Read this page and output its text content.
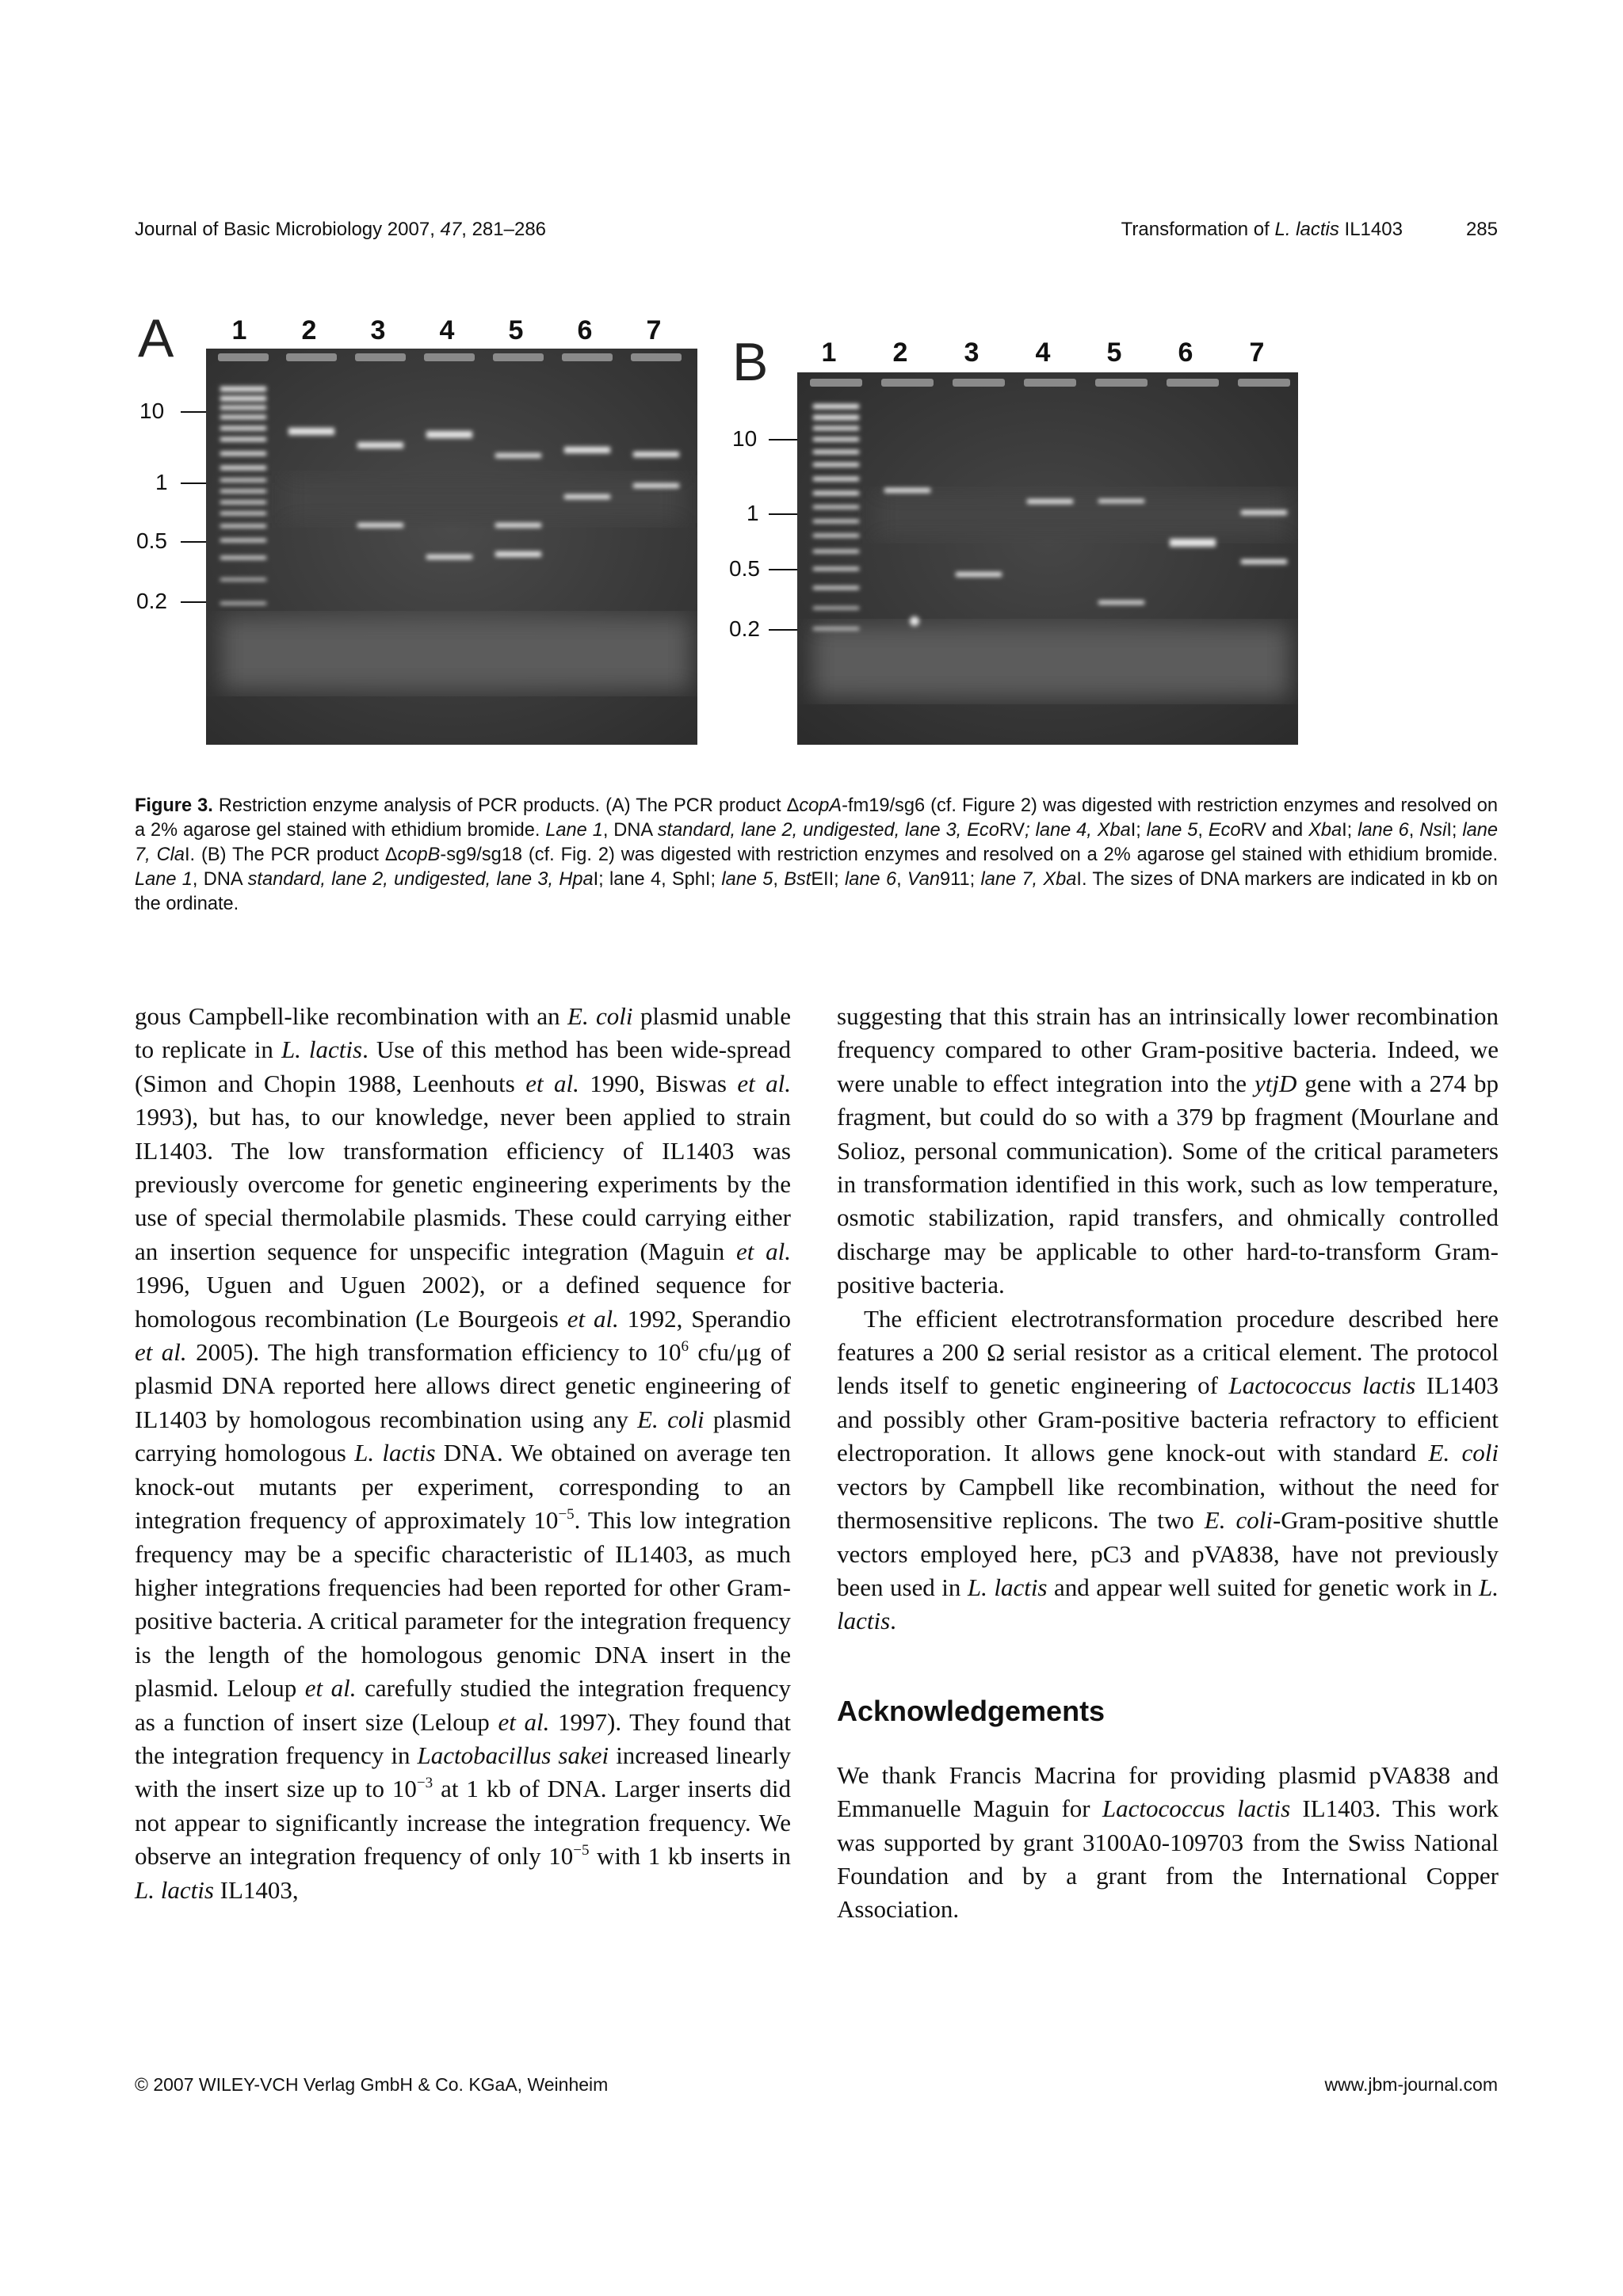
Journal of Basic Microbiology 2007, 47, 281–286	Transformation of L. lactis IL1403	285
A 1 2 3 4 5 6 7
10
1
0.5
0.2
B 1 2 3 4 5 6 7
10
1
0.5
0.2
Figure 3. Restriction enzyme analysis of PCR products. (A) The PCR product ΔcopA-fm19/sg6 (cf. Figure 2) was digested with restriction enzymes and resolved on a 2% agarose gel stained with ethidium bromide. Lane 1, DNA standard, lane 2, undigested, lane 3, EcoRV; lane 4, XbaI; lane 5, EcoRV and XbaI; lane 6, NsiI; lane 7, ClaI. (B) The PCR product ΔcopB-sg9/sg18 (cf. Fig. 2) was digested with restriction enzymes and resolved on a 2% agarose gel stained with ethidium bromide. Lane 1, DNA standard, lane 2, undigested, lane 3, HpaI; lane 4, SphI; lane 5, BstEII; lane 6, Van911; lane 7, XbaI. The sizes of DNA markers are indicated in kb on the ordinate.

gous Campbell-like recombination with an E. coli plasmid unable to replicate in L. lactis. Use of this method has been wide-spread (Simon and Chopin 1988, Leenhouts et al. 1990, Biswas et al. 1993), but has, to our knowledge, never been applied to strain IL1403. The low transformation efficiency of IL1403 was previously overcome for genetic engineering experiments by the use of special thermolabile plasmids. These could carrying either an insertion sequence for unspecific integration (Maguin et al. 1996, Uguen and Uguen 2002), or a defined sequence for homologous recombination (Le Bourgeois et al. 1992, Sperandio et al. 2005). The high transformation efficiency to $10^6$ cfu/μg of plasmid DNA reported here allows direct genetic engineering of IL1403 by homologous recombination using any E. coli plasmid carrying homologous L. lactis DNA. We obtained on average ten knock-out mutants per experiment, corresponding to an integration frequency of approximately $10^{-5}$. This low integration frequency may be a specific characteristic of IL1403, as much higher integrations frequencies had been reported for other Gram-positive bacteria. A critical parameter for the integration frequency is the length of the homologous genomic DNA insert in the plasmid. Leloup et al. carefully studied the integration frequency as a function of insert size (Leloup et al. 1997). They found that the integration frequency in Lactobacillus sakei increased linearly with the insert size up to $10^{-3}$ at 1 kb of DNA. Larger inserts did not appear to significantly increase the integration frequency. We observe an integration frequency of only $10^{-5}$ with 1 kb inserts in L. lactis IL1403,

suggesting that this strain has an intrinsically lower recombination frequency compared to other Gram-positive bacteria. Indeed, we were unable to effect integration into the ytjD gene with a 274 bp fragment, but could do so with a 379 bp fragment (Mourlane and Solioz, personal communication). Some of the critical parameters in transformation identified in this work, such as low temperature, osmotic stabilization, rapid transfers, and ohmically controlled discharge may be applicable to other hard-to-transform Gram-positive bacteria.

The efficient electrotransformation procedure described here features a 200 Ω serial resistor as a critical element. The protocol lends itself to genetic engineering of Lactococcus lactis IL1403 and possibly other Gram-positive bacteria refractory to efficient electroporation. It allows gene knock-out with standard E. coli vectors by Campbell like recombination, without the need for thermosensitive replicons. The two E. coli-Gram-positive shuttle vectors employed here, pC3 and pVA838, have not previously been used in L. lactis and appear well suited for genetic work in L. lactis.

Acknowledgements

We thank Francis Macrina for providing plasmid pVA838 and Emmanuelle Maguin for Lactococcus lactis IL1403. This work was supported by grant 3100A0-109703 from the Swiss National Foundation and by a grant from the International Copper Association.

© 2007 WILEY-VCH Verlag GmbH & Co. KGaA, Weinheim	www.jbm-journal.com
